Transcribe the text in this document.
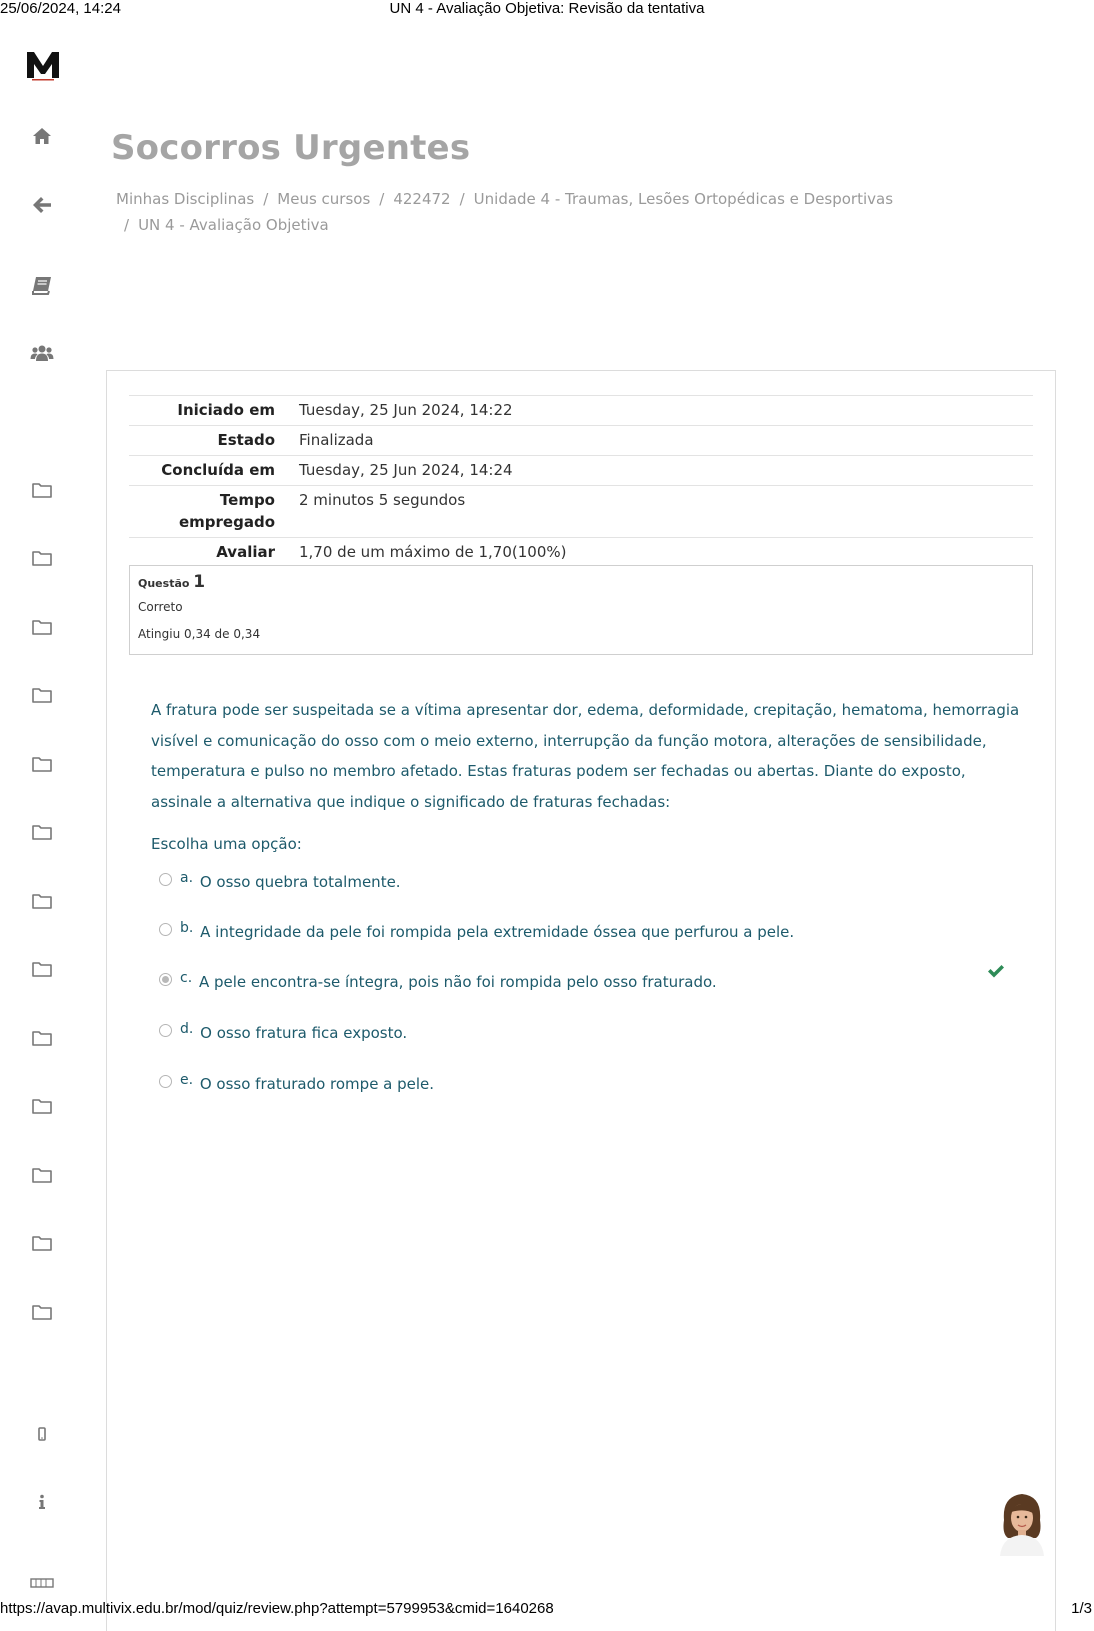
25/06/2024, 14:24	UN 4 - Avaliação Objetiva: Revisão da tentativa
Socorros Urgentes
Minhas Disciplinas / Meus cursos / 422472 / Unidade 4 - Traumas, Lesões Ortopédicas e Desportivas
/ UN 4 - Avaliação Objetiva
Iniciado em	Tuesday, 25 Jun 2024, 14:22
Estado	Finalizada
Concluída em	Tuesday, 25 Jun 2024, 14:24
Tempo
empregado	2 minutos 5 segundos
Avaliar	1,70 de um máximo de 1,70(100%)
Questão 1
Correto
Atingiu 0,34 de 0,34
A fratura pode ser suspeitada se a vítima apresentar dor, edema, deformidade, crepitação, hematoma, hemorragia visível e comunicação do osso com o meio externo, interrupção da função motora, alterações de sensibilidade, temperatura e pulso no membro afetado. Estas fraturas podem ser fechadas ou abertas. Diante do exposto, assinale a alternativa que indique o significado de fraturas fechadas:
Escolha uma opção:
a. O osso quebra totalmente.
b. A integridade da pele foi rompida pela extremidade óssea que perfurou a pele.
c. A pele encontra-se íntegra, pois não foi rompida pelo osso fraturado.
d. O osso fratura fica exposto.
e. O osso fraturado rompe a pele.
https://avap.multivix.edu.br/mod/quiz/review.php?attempt=5799953&cmid=1640268	1/3
